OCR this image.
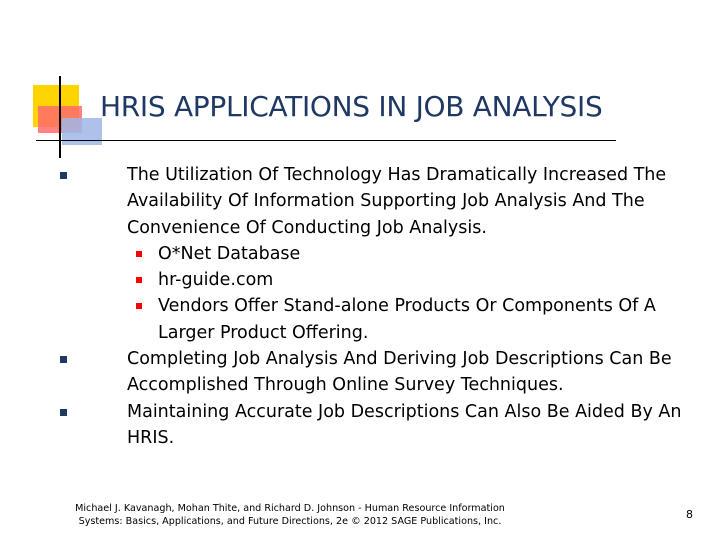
HRIS APPLICATIONS IN JOB ANALYSIS
The Utilization Of Technology Has Dramatically Increased The Availability Of Information Supporting Job Analysis And The Convenience Of Conducting Job Analysis.
O*Net Database
hr-guide.com
Vendors Offer Stand-alone Products Or Components Of A Larger Product Offering.
Completing Job Analysis And Deriving Job Descriptions Can Be Accomplished Through Online Survey Techniques.
Maintaining Accurate Job Descriptions Can Also Be Aided By An HRIS.
Michael J. Kavanagh, Mohan Thite, and Richard D. Johnson - Human Resource Information
Systems: Basics, Applications, and Future Directions, 2e © 2012 SAGE Publications, Inc.
8
